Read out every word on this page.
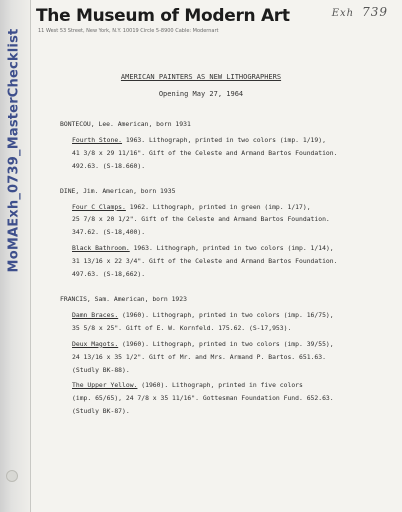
MoMAExh_0739_MasterChecklist
The Museum of Modern Art
11 West 53 Street, New York, N.Y. 10019 Circle 5-8900 Cable: Modernart
Exh 739
AMERICAN PAINTERS AS NEW LITHOGRAPHERS
Opening May 27, 1964
BONTECOU, Lee. American, born 1931
Fourth Stone. 1963. Lithograph, printed in two colors (imp. 1/19),
41 3/8 x 29 11/16". Gift of the Celeste and Armand Bartos Foundation.
492.63. (S-18.660).
DINE, Jim. American, born 1935
Four C Clamps. 1962. Lithograph, printed in green (imp. 1/17),
25 7/8 x 20 1/2". Gift of the Celeste and Armand Bartos Foundation.
347.62. (S-18,400).
Black Bathroom. 1963. Lithograph, printed in two colors (imp. 1/14),
31 13/16 x 22 3/4". Gift of the Celeste and Armand Bartos Foundation.
497.63. (S-18,662).
FRANCIS, Sam. American, born 1923
Damn Braces. (1960). Lithograph, printed in two colors (imp. 16/75),
35 5/8 x 25". Gift of E. W. Kornfeld. 175.62. (S-17,953).
Deux Magots. (1960). Lithograph, printed in two colors (imp. 39/55),
24 13/16 x 35 1/2". Gift of Mr. and Mrs. Armand P. Bartos. 651.63.
(Studly BK-88).
The Upper Yellow. (1960). Lithograph, printed in five colors
(imp. 65/65), 24 7/8 x 35 11/16". Gottesman Foundation Fund. 652.63.
(Studly BK-87).
